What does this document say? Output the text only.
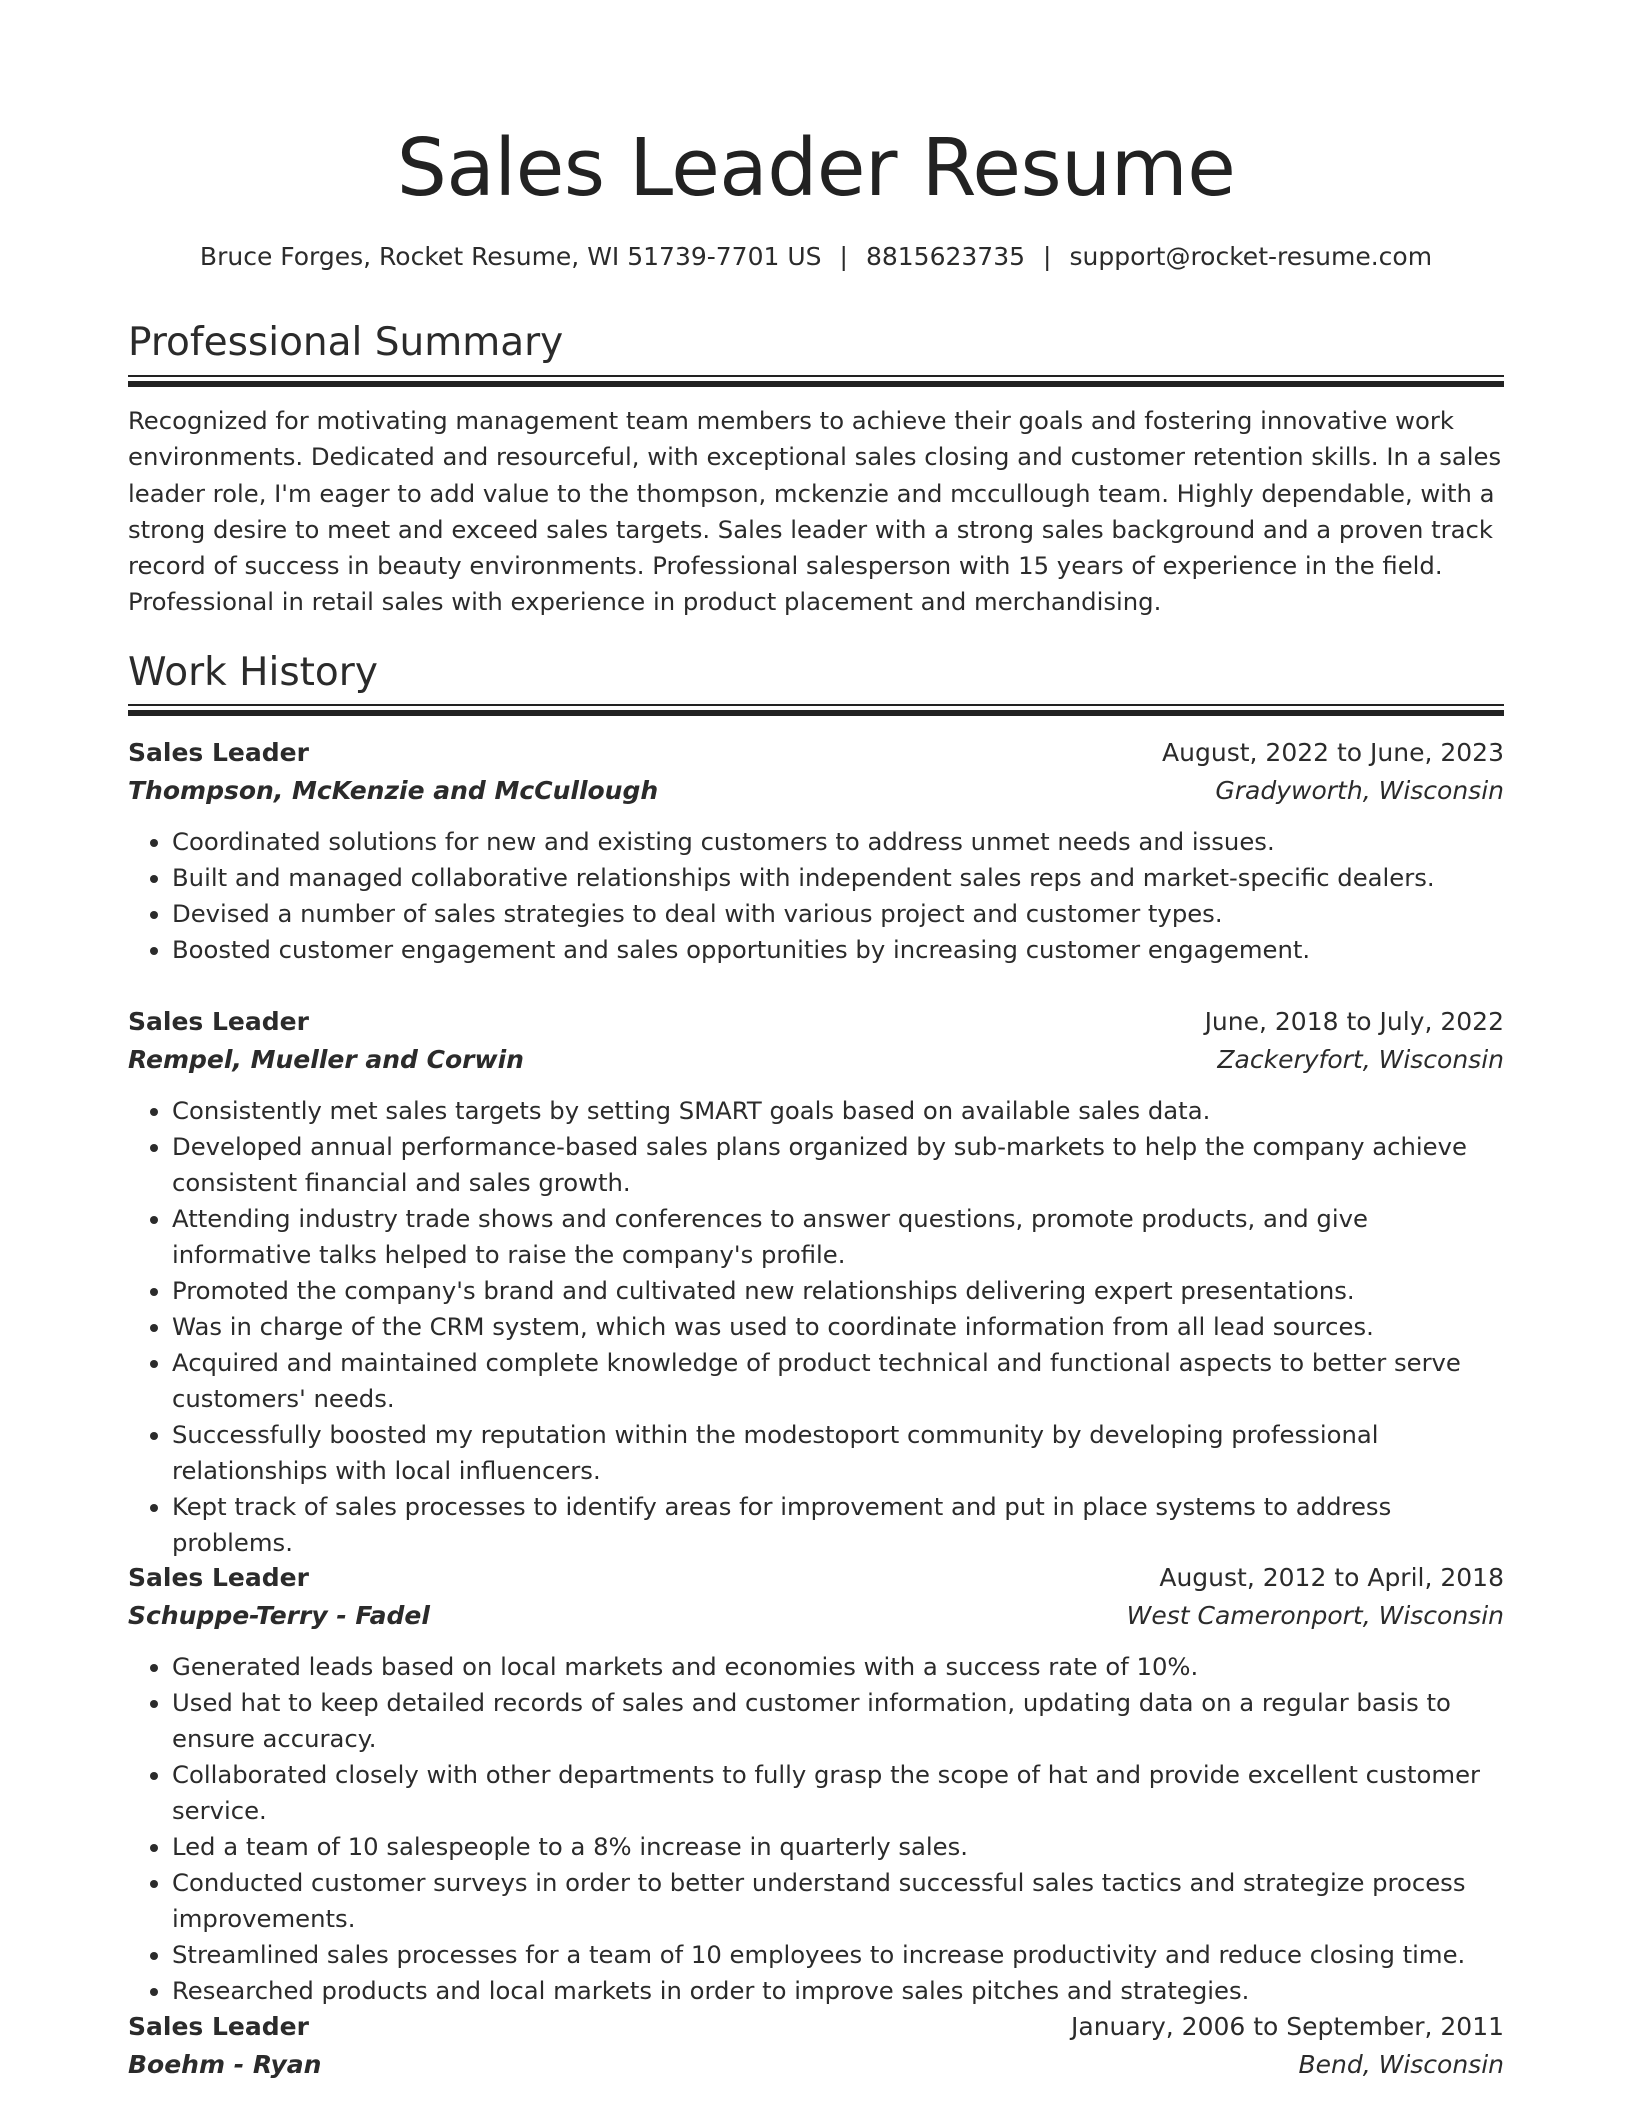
Sales Leader Resume
Bruce Forges, Rocket Resume, WI 51739-7701 US | 8815623735 | support@rocket-resume.com
Professional Summary

Recognized for motivating management team members to achieve their goals and fostering innovative work environments. Dedicated and resourceful, with exceptional sales closing and customer retention skills. In a sales leader role, I'm eager to add value to the thompson, mckenzie and mccullough team. Highly dependable, with a strong desire to meet and exceed sales targets. Sales leader with a strong sales background and a proven track record of success in beauty environments. Professional salesperson with 15 years of experience in the field. Professional in retail sales with experience in product placement and merchandising.

Work History
Sales Leader	August, 2022 to June, 2023
Thompson, McKenzie and McCullough	Gradyworth, Wisconsin
• Coordinated solutions for new and existing customers to address unmet needs and issues.
• Built and managed collaborative relationships with independent sales reps and market-specific dealers.
• Devised a number of sales strategies to deal with various project and customer types.
• Boosted customer engagement and sales opportunities by increasing customer engagement.
Sales Leader	June, 2018 to July, 2022
Rempel, Mueller and Corwin	Zackeryfort, Wisconsin
• Consistently met sales targets by setting SMART goals based on available sales data.
• Developed annual performance-based sales plans organized by sub-markets to help the company achieve consistent financial and sales growth.
• Attending industry trade shows and conferences to answer questions, promote products, and give informative talks helped to raise the company's profile.
• Promoted the company's brand and cultivated new relationships delivering expert presentations.
• Was in charge of the CRM system, which was used to coordinate information from all lead sources.
• Acquired and maintained complete knowledge of product technical and functional aspects to better serve customers' needs.
• Successfully boosted my reputation within the modestoport community by developing professional relationships with local influencers.
• Kept track of sales processes to identify areas for improvement and put in place systems to address problems.
Sales Leader	August, 2012 to April, 2018
Schuppe-Terry - Fadel	West Cameronport, Wisconsin
• Generated leads based on local markets and economies with a success rate of 10%.
• Used hat to keep detailed records of sales and customer information, updating data on a regular basis to ensure accuracy.
• Collaborated closely with other departments to fully grasp the scope of hat and provide excellent customer service.
• Led a team of 10 salespeople to a 8% increase in quarterly sales.
• Conducted customer surveys in order to better understand successful sales tactics and strategize process improvements.
• Streamlined sales processes for a team of 10 employees to increase productivity and reduce closing time.
• Researched products and local markets in order to improve sales pitches and strategies.
Sales Leader	January, 2006 to September, 2011
Boehm - Ryan	Bend, Wisconsin
